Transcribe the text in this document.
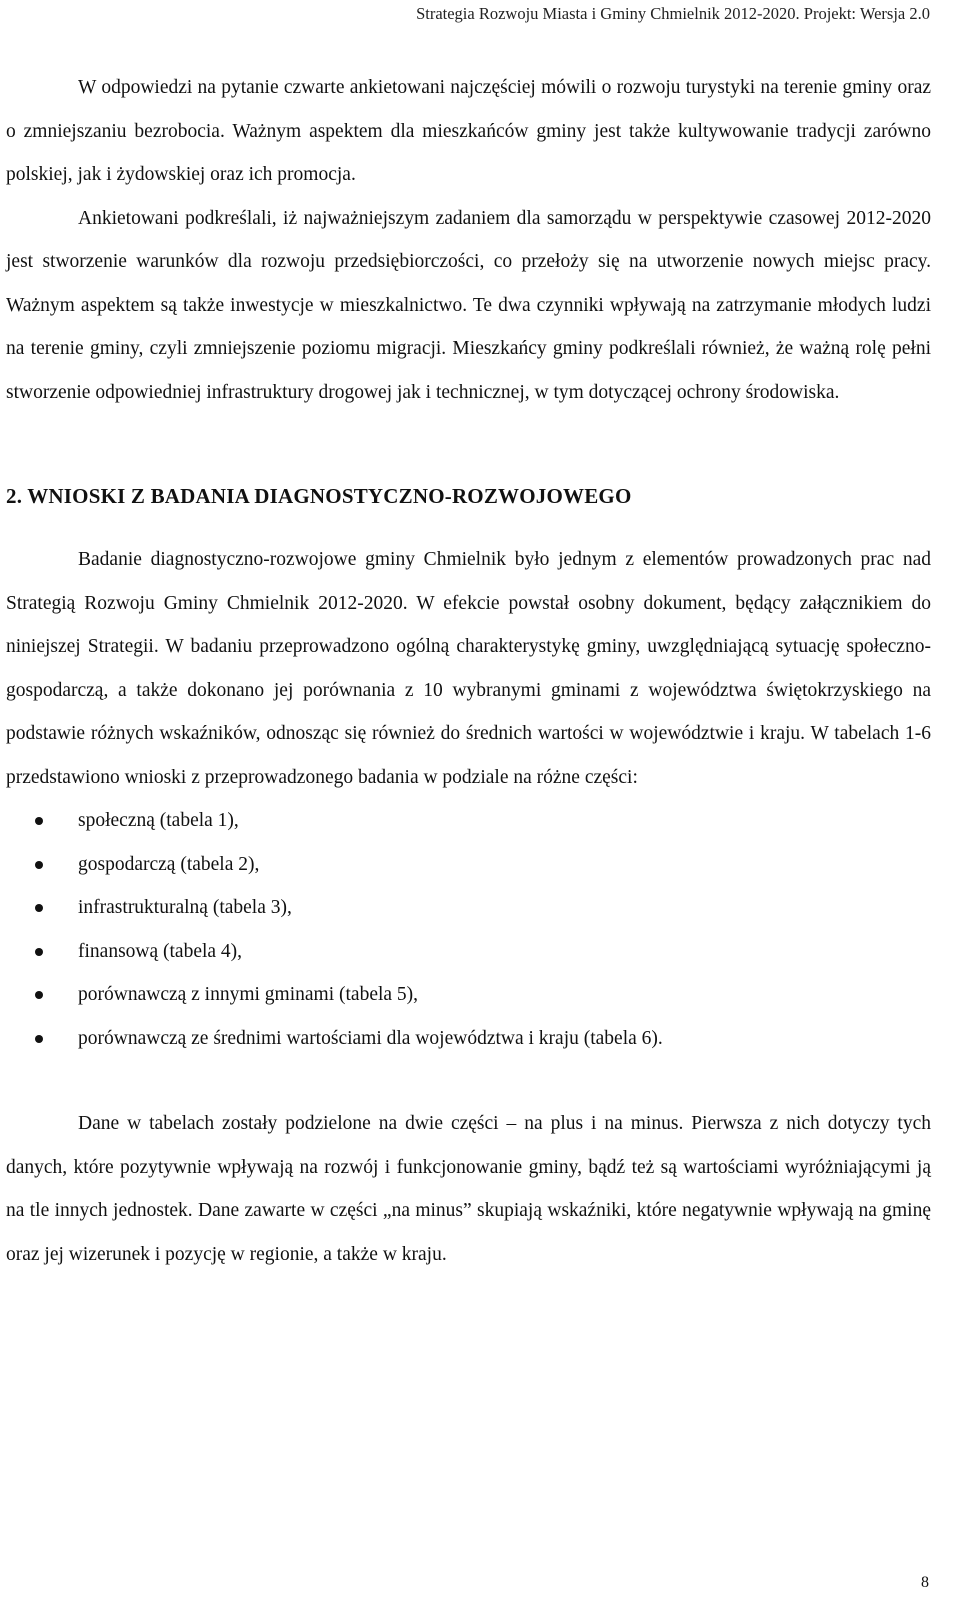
Strategia Rozwoju Miasta i Gminy Chmielnik 2012-2020. Projekt: Wersja 2.0

W odpowiedzi na pytanie czwarte ankietowani najczęściej mówili o rozwoju turystyki na terenie gminy oraz o zmniejszaniu bezrobocia. Ważnym aspektem dla mieszkańców gminy jest także kultywowanie tradycji zarówno polskiej, jak i żydowskiej oraz ich promocja.

Ankietowani podkreślali, iż najważniejszym zadaniem dla samorządu w perspektywie czasowej 2012-2020 jest stworzenie warunków dla rozwoju przedsiębiorczości, co przełoży się na utworzenie nowych miejsc pracy. Ważnym aspektem są także inwestycje w mieszkalnictwo. Te dwa czynniki wpływają na zatrzymanie młodych ludzi na terenie gminy, czyli zmniejszenie poziomu migracji. Mieszkańcy gminy podkreślali również, że ważną rolę pełni stworzenie odpowiedniej infrastruktury drogowej jak i technicznej, w tym dotyczącej ochrony środowiska.

2. WNIOSKI Z BADANIA DIAGNOSTYCZNO-ROZWOJOWEGO

Badanie diagnostyczno-rozwojowe gminy Chmielnik było jednym z elementów prowadzonych prac nad Strategią Rozwoju Gminy Chmielnik 2012-2020. W efekcie powstał osobny dokument, będący załącznikiem do niniejszej Strategii. W badaniu przeprowadzono ogólną charakterystykę gminy, uwzględniającą sytuację społeczno-gospodarczą, a także dokonano jej porównania z 10 wybranymi gminami z województwa świętokrzyskiego na podstawie różnych wskaźników, odnosząc się również do średnich wartości w województwie i kraju. W tabelach 1-6 przedstawiono wnioski z przeprowadzonego badania w podziale na różne części:

społeczną (tabela 1),
gospodarczą (tabela 2),
infrastrukturalną (tabela 3),
finansową (tabela 4),
porównawczą z innymi gminami (tabela 5),
porównawczą ze średnimi wartościami dla województwa i kraju (tabela 6).

Dane w tabelach zostały podzielone na dwie części – na plus i na minus. Pierwsza z nich dotyczy tych danych, które pozytywnie wpływają na rozwój i funkcjonowanie gminy, bądź też są wartościami wyróżniającymi ją na tle innych jednostek. Dane zawarte w części „na minus” skupiają wskaźniki, które negatywnie wpływają na gminę oraz jej wizerunek i pozycję w regionie, a także w kraju.

8
